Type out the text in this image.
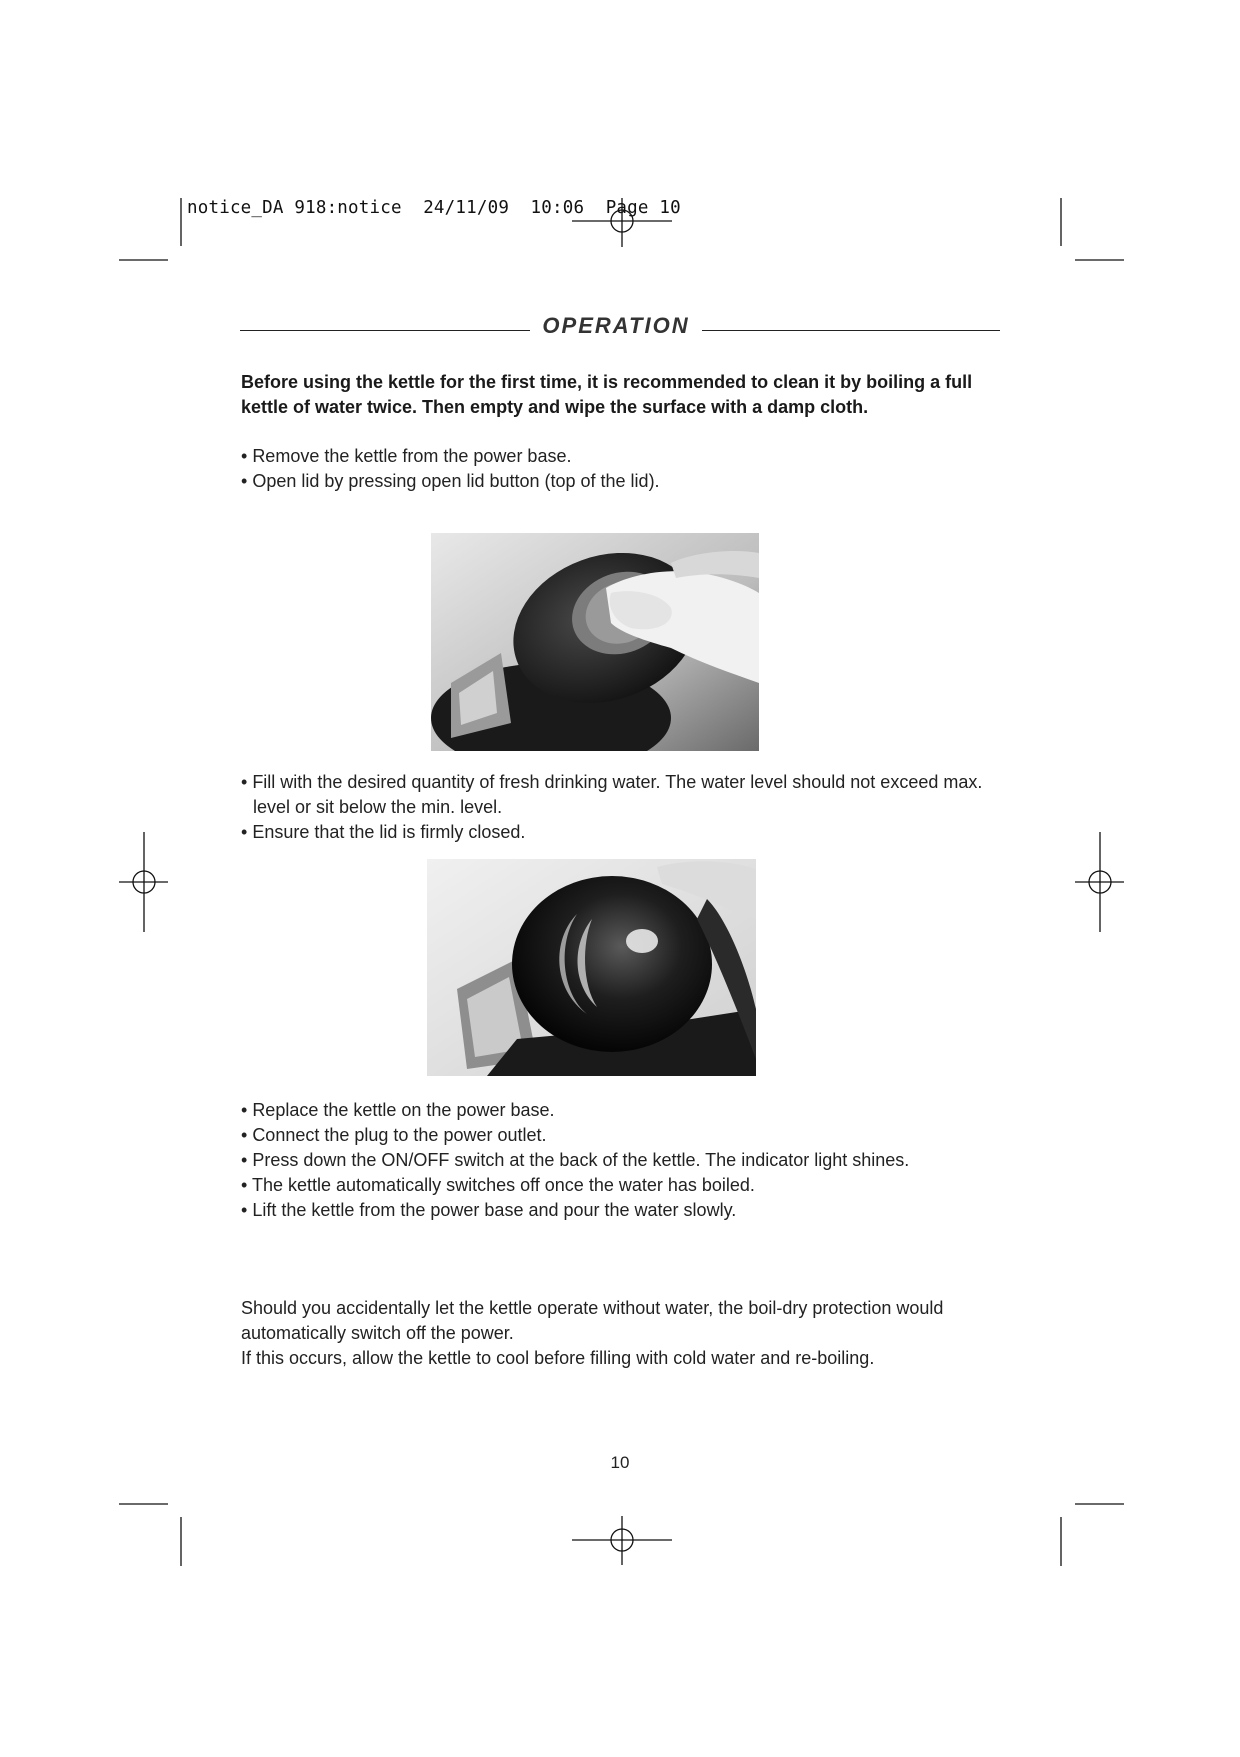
notice_DA 918:notice  24/11/09  10:06  Page 10
OPERATION
Before using the kettle for the first time, it is recommended to clean it by boiling a full kettle of water twice. Then empty and wipe the surface with a damp cloth.
• Remove the kettle from the power base.
• Open lid by pressing open lid button (top of the lid).
• Fill with the desired quantity of fresh drinking water. The water level should not exceed max. level or sit below the min. level.
• Ensure that the lid is firmly closed.
• Replace the kettle on the power base.
• Connect the plug to the power outlet.
• Press down the ON/OFF switch at the back of the kettle. The indicator light shines.
• The kettle automatically switches off once the water has boiled.
• Lift the kettle from the power base and pour the water slowly.

Should you accidentally let the kettle operate without water, the boil-dry protection would automatically switch off the power.

If this occurs, allow the kettle to cool before filling with cold water and re-boiling.

10
